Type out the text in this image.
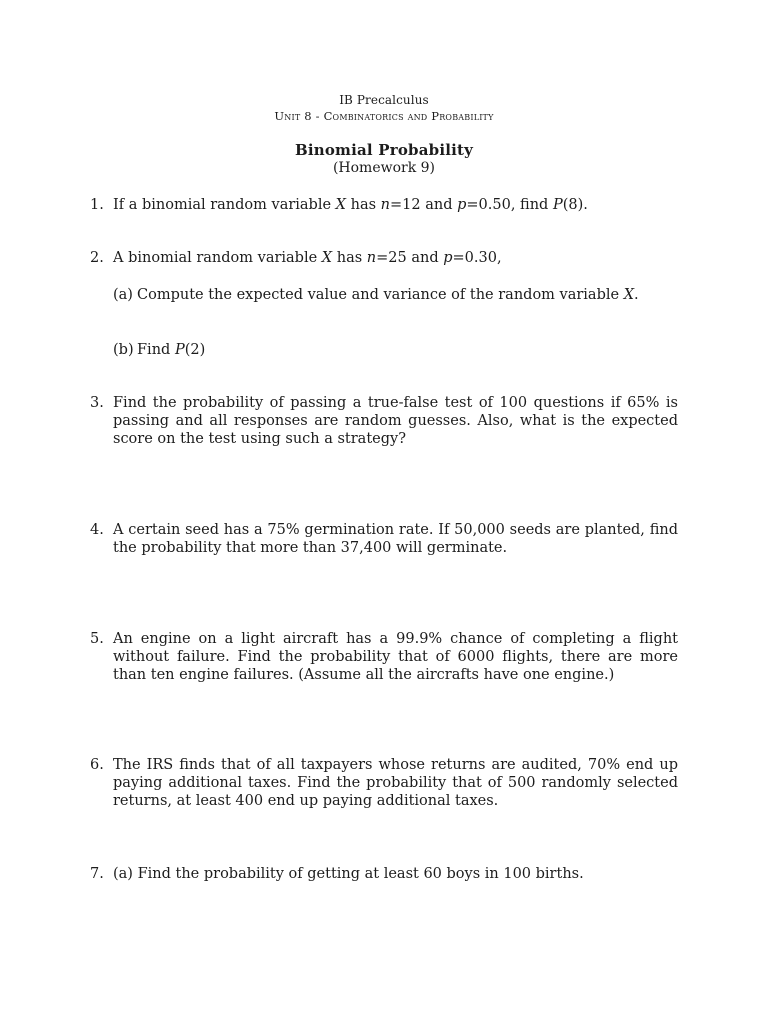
IB Precalculus
Unit 8 - Combinatorics and Probability
Binomial Probability
(Homework 9)
1. If a binomial random variable X has n=12 and p=0.50, find P(8).
2. A binomial random variable X has n=25 and p=0.30,
(a) Compute the expected value and variance of the random variable X.
(b) Find P(2)
3. Find the probability of passing a true-false test of 100 questions if 65% is passing and all responses are random guesses. Also, what is the expected score on the test using such a strategy?
4. A certain seed has a 75% germination rate. If 50,000 seeds are planted, find the probability that more than 37,400 will germinate.
5. An engine on a light aircraft has a 99.9% chance of completing a flight without failure. Find the probability that of 6000 flights, there are more than ten engine failures. (Assume all the aircrafts have one engine.)
6. The IRS finds that of all taxpayers whose returns are audited, 70% end up paying additional taxes. Find the probability that of 500 randomly selected returns, at least 400 end up paying additional taxes.
7. (a) Find the probability of getting at least 60 boys in 100 births.
